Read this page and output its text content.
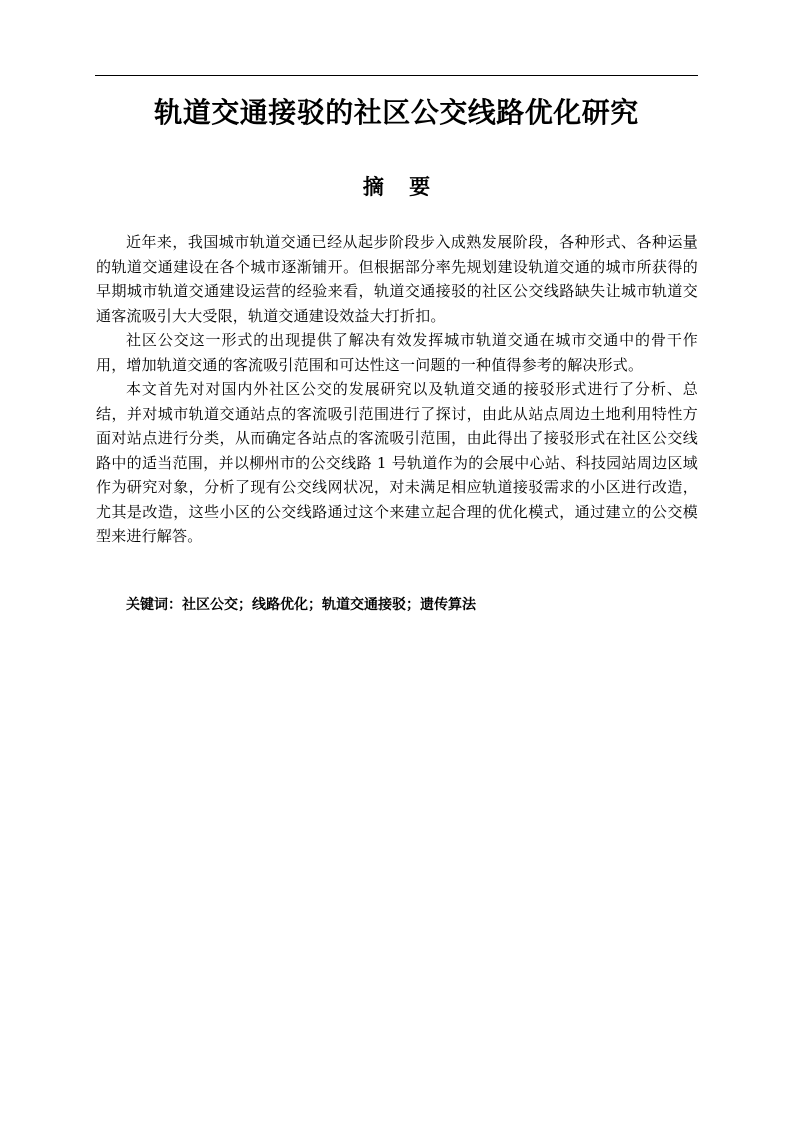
轨道交通接驳的社区公交线路优化研究
摘 要

近年来，我国城市轨道交通已经从起步阶段步入成熟发展阶段，各种形式、各种运量的轨道交通建设在各个城市逐渐铺开。但根据部分率先规划建设轨道交通的城市所获得的早期城市轨道交通建设运营的经验来看，轨道交通接驳的社区公交线路缺失让城市轨道交通客流吸引大大受限，轨道交通建设效益大打折扣。

社区公交这一形式的出现提供了解决有效发挥城市轨道交通在城市交通中的骨干作用，增加轨道交通的客流吸引范围和可达性这一问题的一种值得参考的解决形式。

本文首先对对国内外社区公交的发展研究以及轨道交通的接驳形式进行了分析、总结，并对城市轨道交通站点的客流吸引范围进行了探讨，由此从站点周边土地利用特性方面对站点进行分类，从而确定各站点的客流吸引范围，由此得出了接驳形式在社区公交线路中的适当范围，并以柳州市的公交线路 1 号轨道作为的会展中心站、科技园站周边区域作为研究对象，分析了现有公交线网状况，对未满足相应轨道接驳需求的小区进行改造，尤其是改造，这些小区的公交线路通过这个来建立起合理的优化模式，通过建立的公交模型来进行解答。

关键词：社区公交；线路优化；轨道交通接驳；遗传算法
